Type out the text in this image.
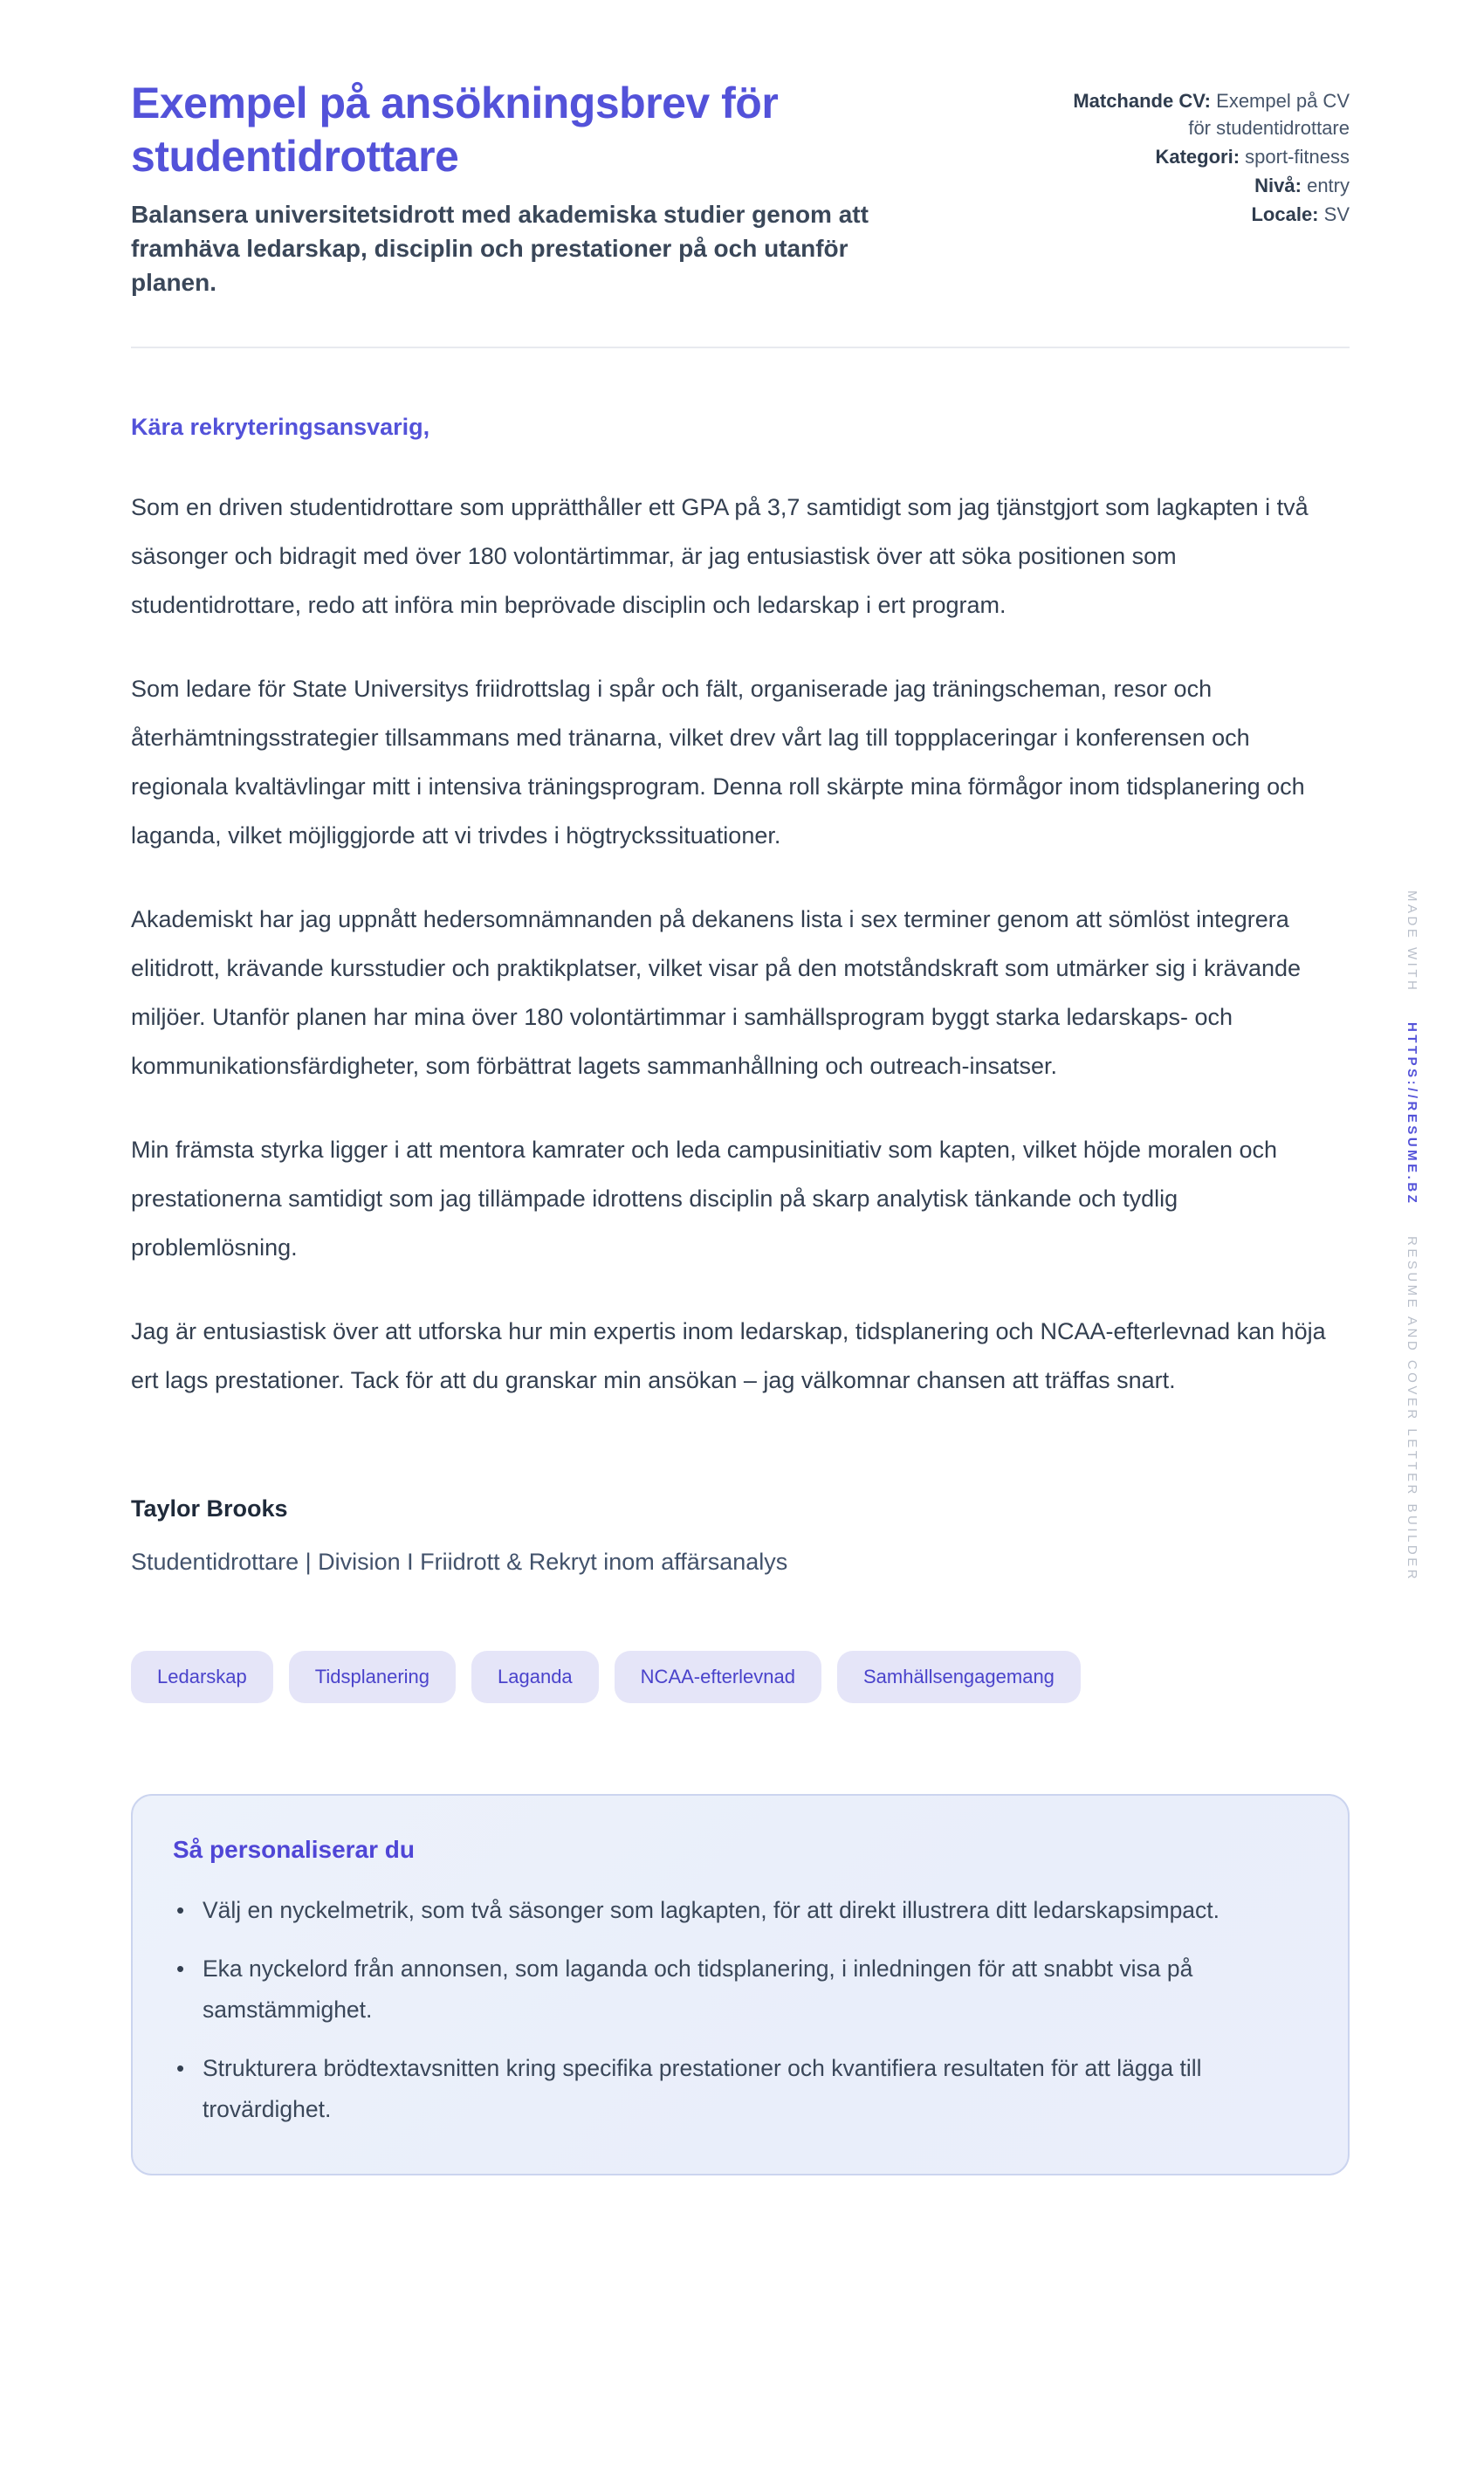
Exempel på ansökningsbrev för studentidrottare

Balansera universitetsidrott med akademiska studier genom att framhäva ledarskap, disciplin och prestationer på och utanför planen.

Matchande CV: Exempel på CV för studentidrottare
Kategori: sport-fitness
Nivå: entry
Locale: SV

Kära rekryteringsansvarig,

Som en driven studentidrottare som upprätthåller ett GPA på 3,7 samtidigt som jag tjänstgjort som lagkapten i två säsonger och bidragit med över 180 volontärtimmar, är jag entusiastisk över att söka positionen som studentidrottare, redo att införa min beprövade disciplin och ledarskap i ert program.

Som ledare för State Universitys friidrottslag i spår och fält, organiserade jag träningscheman, resor och återhämtningsstrategier tillsammans med tränarna, vilket drev vårt lag till toppplaceringar i konferensen och regionala kvaltävlingar mitt i intensiva träningsprogram. Denna roll skärpte mina förmågor inom tidsplanering och laganda, vilket möjliggjorde att vi trivdes i högtryckssituationer.

Akademiskt har jag uppnått hedersomnämnanden på dekanens lista i sex terminer genom att sömlöst integrera elitidrott, krävande kursstudier och praktikplatser, vilket visar på den motståndskraft som utmärker sig i krävande miljöer. Utanför planen har mina över 180 volontärtimmar i samhällsprogram byggt starka ledarskaps- och kommunikationsfärdigheter, som förbättrat lagets sammanhållning och outreach-insatser.

Min främsta styrka ligger i att mentora kamrater och leda campusinitiativ som kapten, vilket höjde moralen och prestationerna samtidigt som jag tillämpade idrottens disciplin på skarp analytisk tänkande och tydlig problemlösning.

Jag är entusiastisk över att utforska hur min expertis inom ledarskap, tidsplanering och NCAA-efterlevnad kan höja ert lags prestationer. Tack för att du granskar min ansökan – jag välkomnar chansen att träffas snart.

Taylor Brooks

Studentidrottare | Division I Friidrott & Rekryt inom affärsanalys

Ledarskap	Tidsplanering	Laganda	NCAA-efterlevnad	Samhällsengagemang
Så personaliserar du
• Välj en nyckelmetrik, som två säsonger som lagkapten, för att direkt illustrera ditt ledarskapsimpact.
• Eka nyckelord från annonsen, som laganda och tidsplanering, i inledningen för att snabbt visa på samstämmighet.
• Strukturera brödtextavsnitten kring specifika prestationer och kvantifiera resultaten för att lägga till trovärdighet.
MADE WITH
HTTPS://RESUME.BZ
RESUME AND COVER LETTER BUILDER
